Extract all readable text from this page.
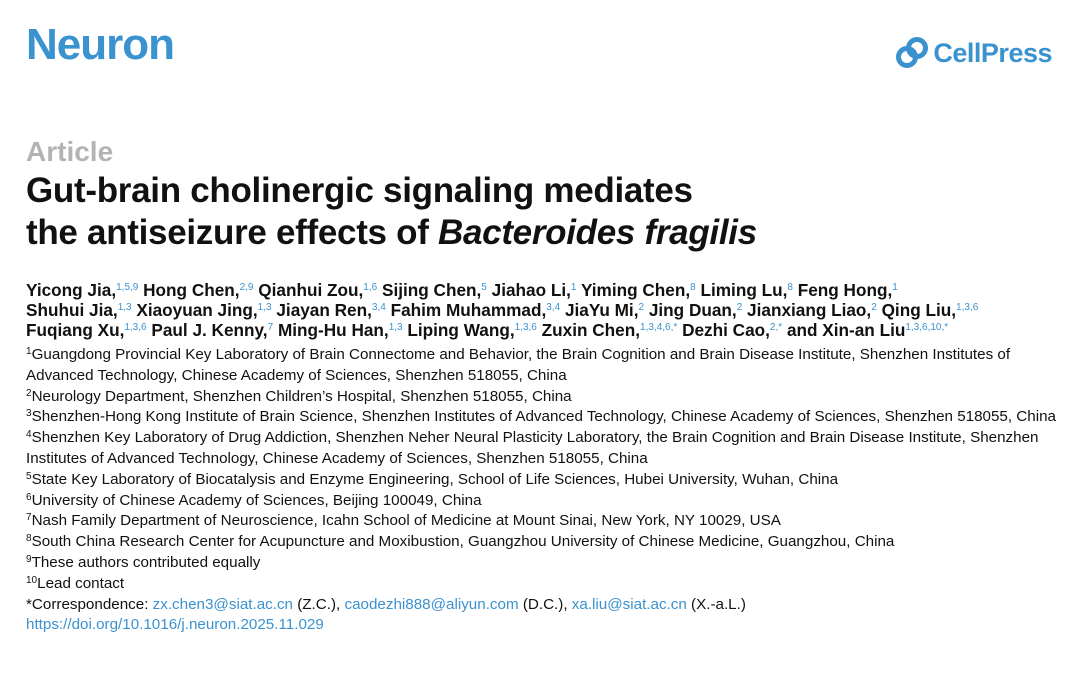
Neuron	CellPress
Article
Gut-brain cholinergic signaling mediates
the antiseizure effects of Bacteroides fragilis
Yicong Jia,$^{1,5,9}$ Hong Chen,$^{2,9}$ Qianhui Zou,$^{1,6}$ Sijing Chen,$^5$ Jiahao Li,$^1$ Yiming Chen,$^8$ Liming Lu,$^8$ Feng Hong,$^1$
Shuhui Jia,$^{1,3}$ Xiaoyuan Jing,$^{1,3}$ Jiayan Ren,$^{3,4}$ Fahim Muhammad,$^{3,4}$ JiaYu Mi,$^2$ Jing Duan,$^2$ Jianxiang Liao,$^2$ Qing Liu,$^{1,3,6}$
Fuqiang Xu,$^{1,3,6}$ Paul J. Kenny,$^7$ Ming-Hu Han,$^{1,3}$ Liping Wang,$^{1,3,6}$ Zuxin Chen,$^{1,3,4,6,*}$ Dezhi Cao,$^{2,*}$ and Xin-an Liu$^{1,3,6,10,*}$

$^1$Guangdong Provincial Key Laboratory of Brain Connectome and Behavior, the Brain Cognition and Brain Disease Institute, Shenzhen Institutes of Advanced Technology, Chinese Academy of Sciences, Shenzhen 518055, China

$^2$Neurology Department, Shenzhen Children’s Hospital, Shenzhen 518055, China

$^3$Shenzhen-Hong Kong Institute of Brain Science, Shenzhen Institutes of Advanced Technology, Chinese Academy of Sciences, Shenzhen 518055, China

$^4$Shenzhen Key Laboratory of Drug Addiction, Shenzhen Neher Neural Plasticity Laboratory, the Brain Cognition and Brain Disease Institute, Shenzhen Institutes of Advanced Technology, Chinese Academy of Sciences, Shenzhen 518055, China

$^5$State Key Laboratory of Biocatalysis and Enzyme Engineering, School of Life Sciences, Hubei University, Wuhan, China

$^6$University of Chinese Academy of Sciences, Beijing 100049, China

$^7$Nash Family Department of Neuroscience, Icahn School of Medicine at Mount Sinai, New York, NY 10029, USA

$^8$South China Research Center for Acupuncture and Moxibustion, Guangzhou University of Chinese Medicine, Guangzhou, China

$^9$These authors contributed equally

$^{10}$Lead contact

*Correspondence: zx.chen3@siat.ac.cn (Z.C.), caodezhi888@aliyun.com (D.C.), xa.liu@siat.ac.cn (X.-a.L.)

https://doi.org/10.1016/j.neuron.2025.11.029
